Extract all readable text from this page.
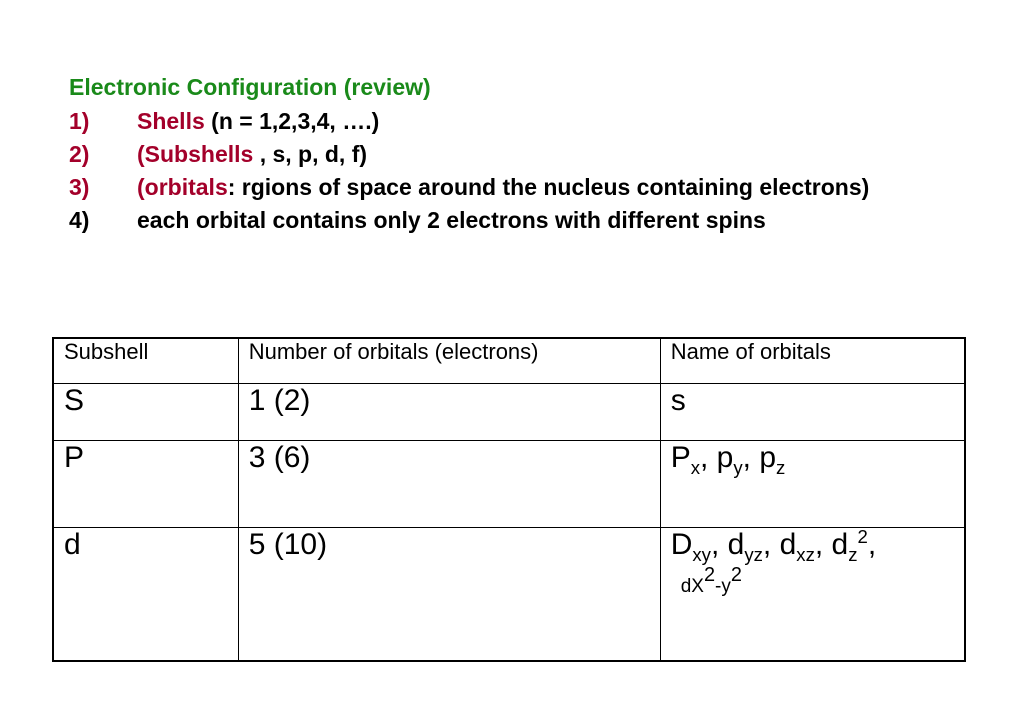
Electronic Configuration (review)
1)	Shells (n = 1,2,3,4, ….)
2)	(Subshells , s, p, d, f)
3)	(orbitals: rgions of space around the nucleus containing electrons)
4)	each orbital contains only 2 electrons with different spins
Subshell	Number of orbitals (electrons)	Name of orbitals
S	1 (2)	s
P	3 (6)	$P_x$, $p_y$, $p_z$
d	5 (10)	$D_{xy}$, $d_{yz}$, $d_{xz}$, $d_z^2$,
$dX^2-y^2$
